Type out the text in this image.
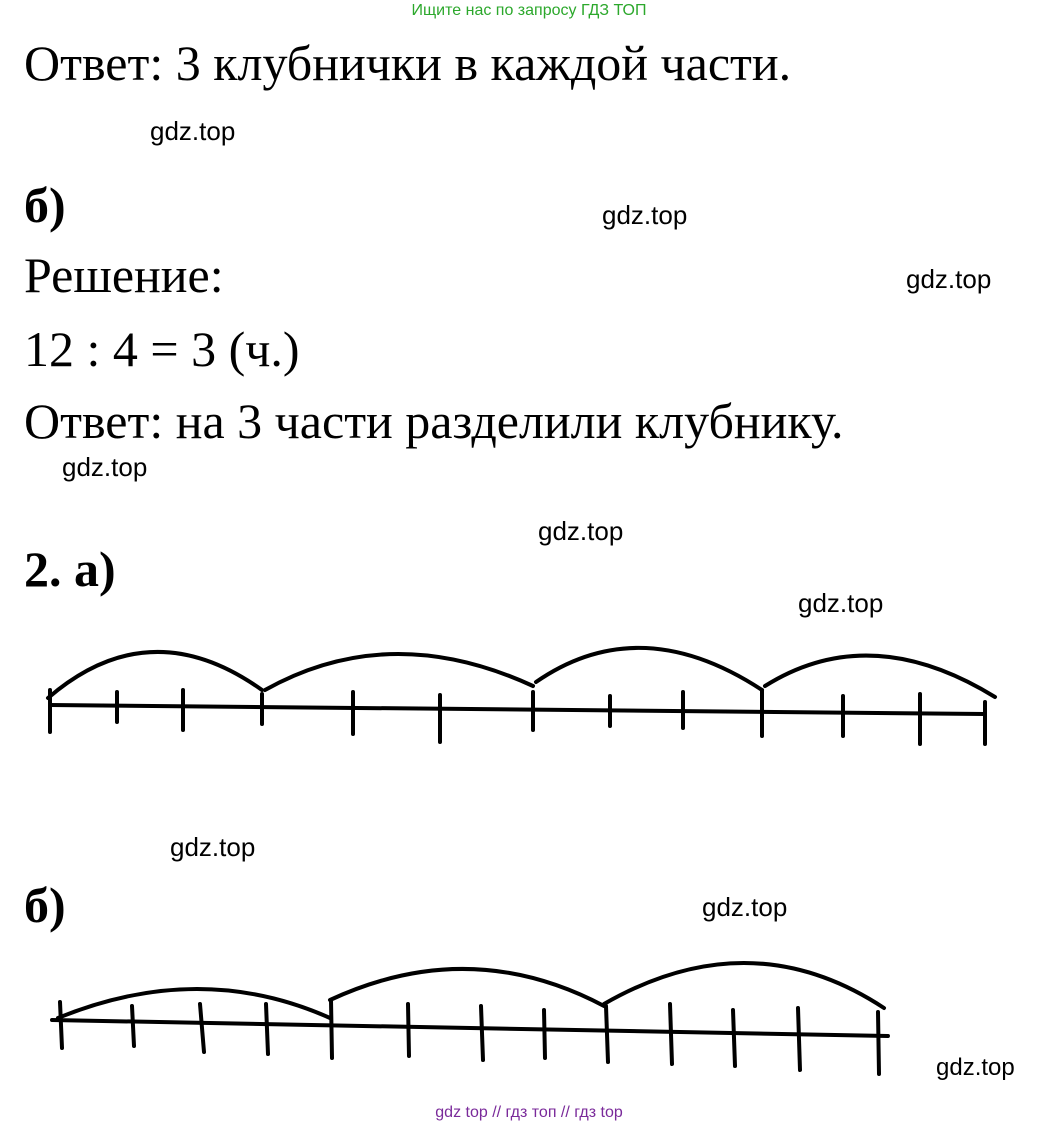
Ищите нас по запросу ГДЗ ТОП
Ответ: 3 клубнички в каждой части.
gdz.top
б)	gdz.top
Решение:	gdz.top
12 : 4 = 3 (ч.)
Ответ: на 3 части разделили клубнику.
gdz.top
gdz.top
2. а)
gdz.top
gdz.top
б)	gdz.top
gdz.top
gdz top // гдз топ // гдз top
